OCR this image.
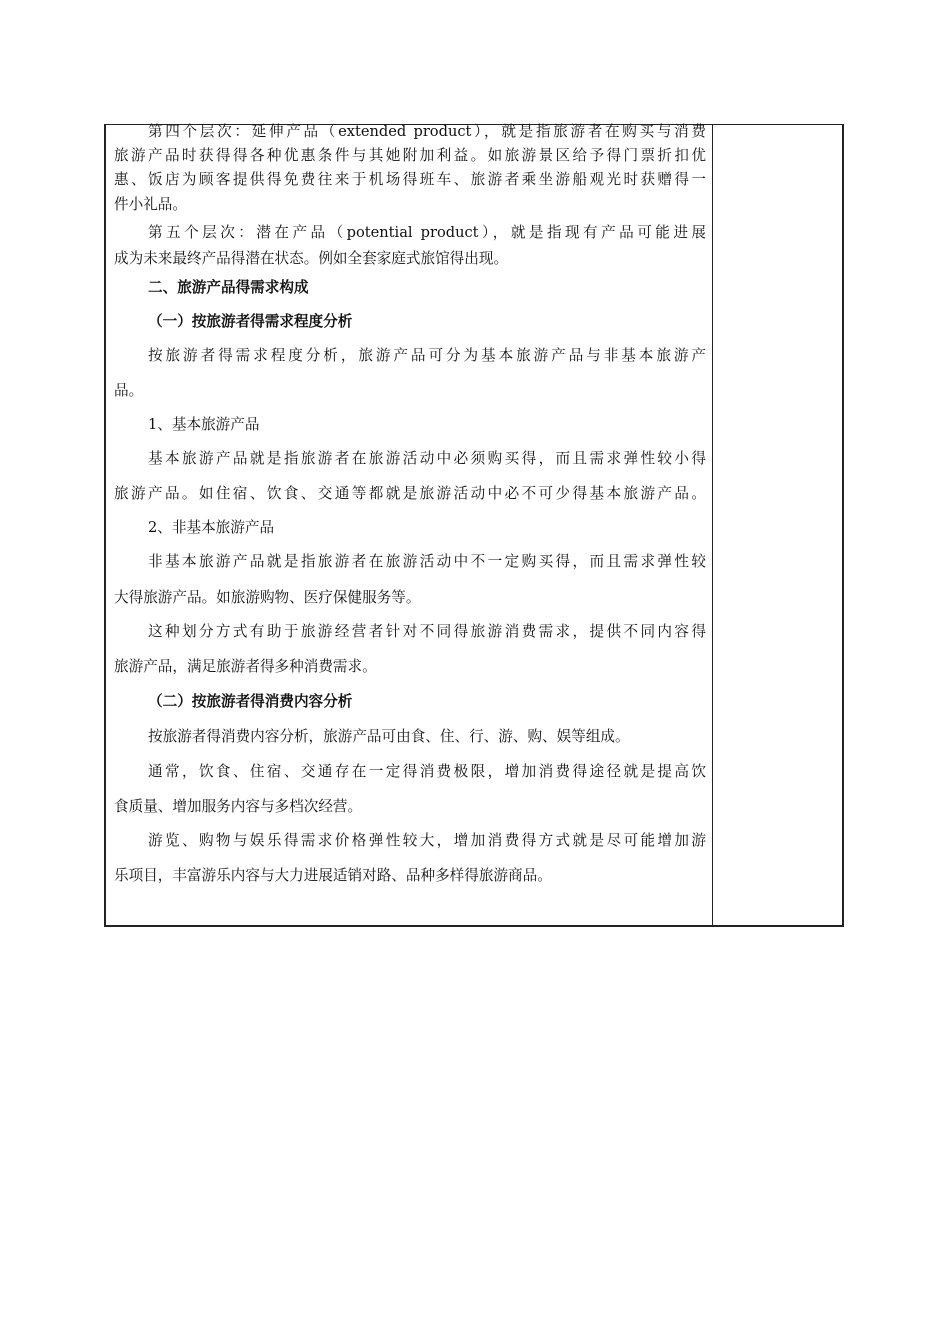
第四个层次：延伸产品（extended product），就是指旅游者在购买与消费
旅游产品时获得得各种优惠条件与其她附加利益。如旅游景区给予得门票折扣优
惠、饭店为顾客提供得免费往来于机场得班车、旅游者乘坐游船观光时获赠得一
件小礼品。
第五个层次：潜在产品（potential product），就是指现有产品可能进展
成为未来最终产品得潜在状态。例如全套家庭式旅馆得出现。
二、旅游产品得需求构成
（一）按旅游者得需求程度分析
按旅游者得需求程度分析，旅游产品可分为基本旅游产品与非基本旅游产
品。
1、基本旅游产品
基本旅游产品就是指旅游者在旅游活动中必须购买得，而且需求弹性较小得
旅游产品。如住宿、饮食、交通等都就是旅游活动中必不可少得基本旅游产品。
2、非基本旅游产品
非基本旅游产品就是指旅游者在旅游活动中不一定购买得，而且需求弹性较
大得旅游产品。如旅游购物、医疗保健服务等。
这种划分方式有助于旅游经营者针对不同得旅游消费需求，提供不同内容得
旅游产品，满足旅游者得多种消费需求。
（二）按旅游者得消费内容分析
按旅游者得消费内容分析，旅游产品可由食、住、行、游、购、娱等组成。
通常，饮食、住宿、交通存在一定得消费极限，增加消费得途径就是提高饮
食质量、增加服务内容与多档次经营。
游览、购物与娱乐得需求价格弹性较大，增加消费得方式就是尽可能增加游
乐项目，丰富游乐内容与大力进展适销对路、品种多样得旅游商品。
